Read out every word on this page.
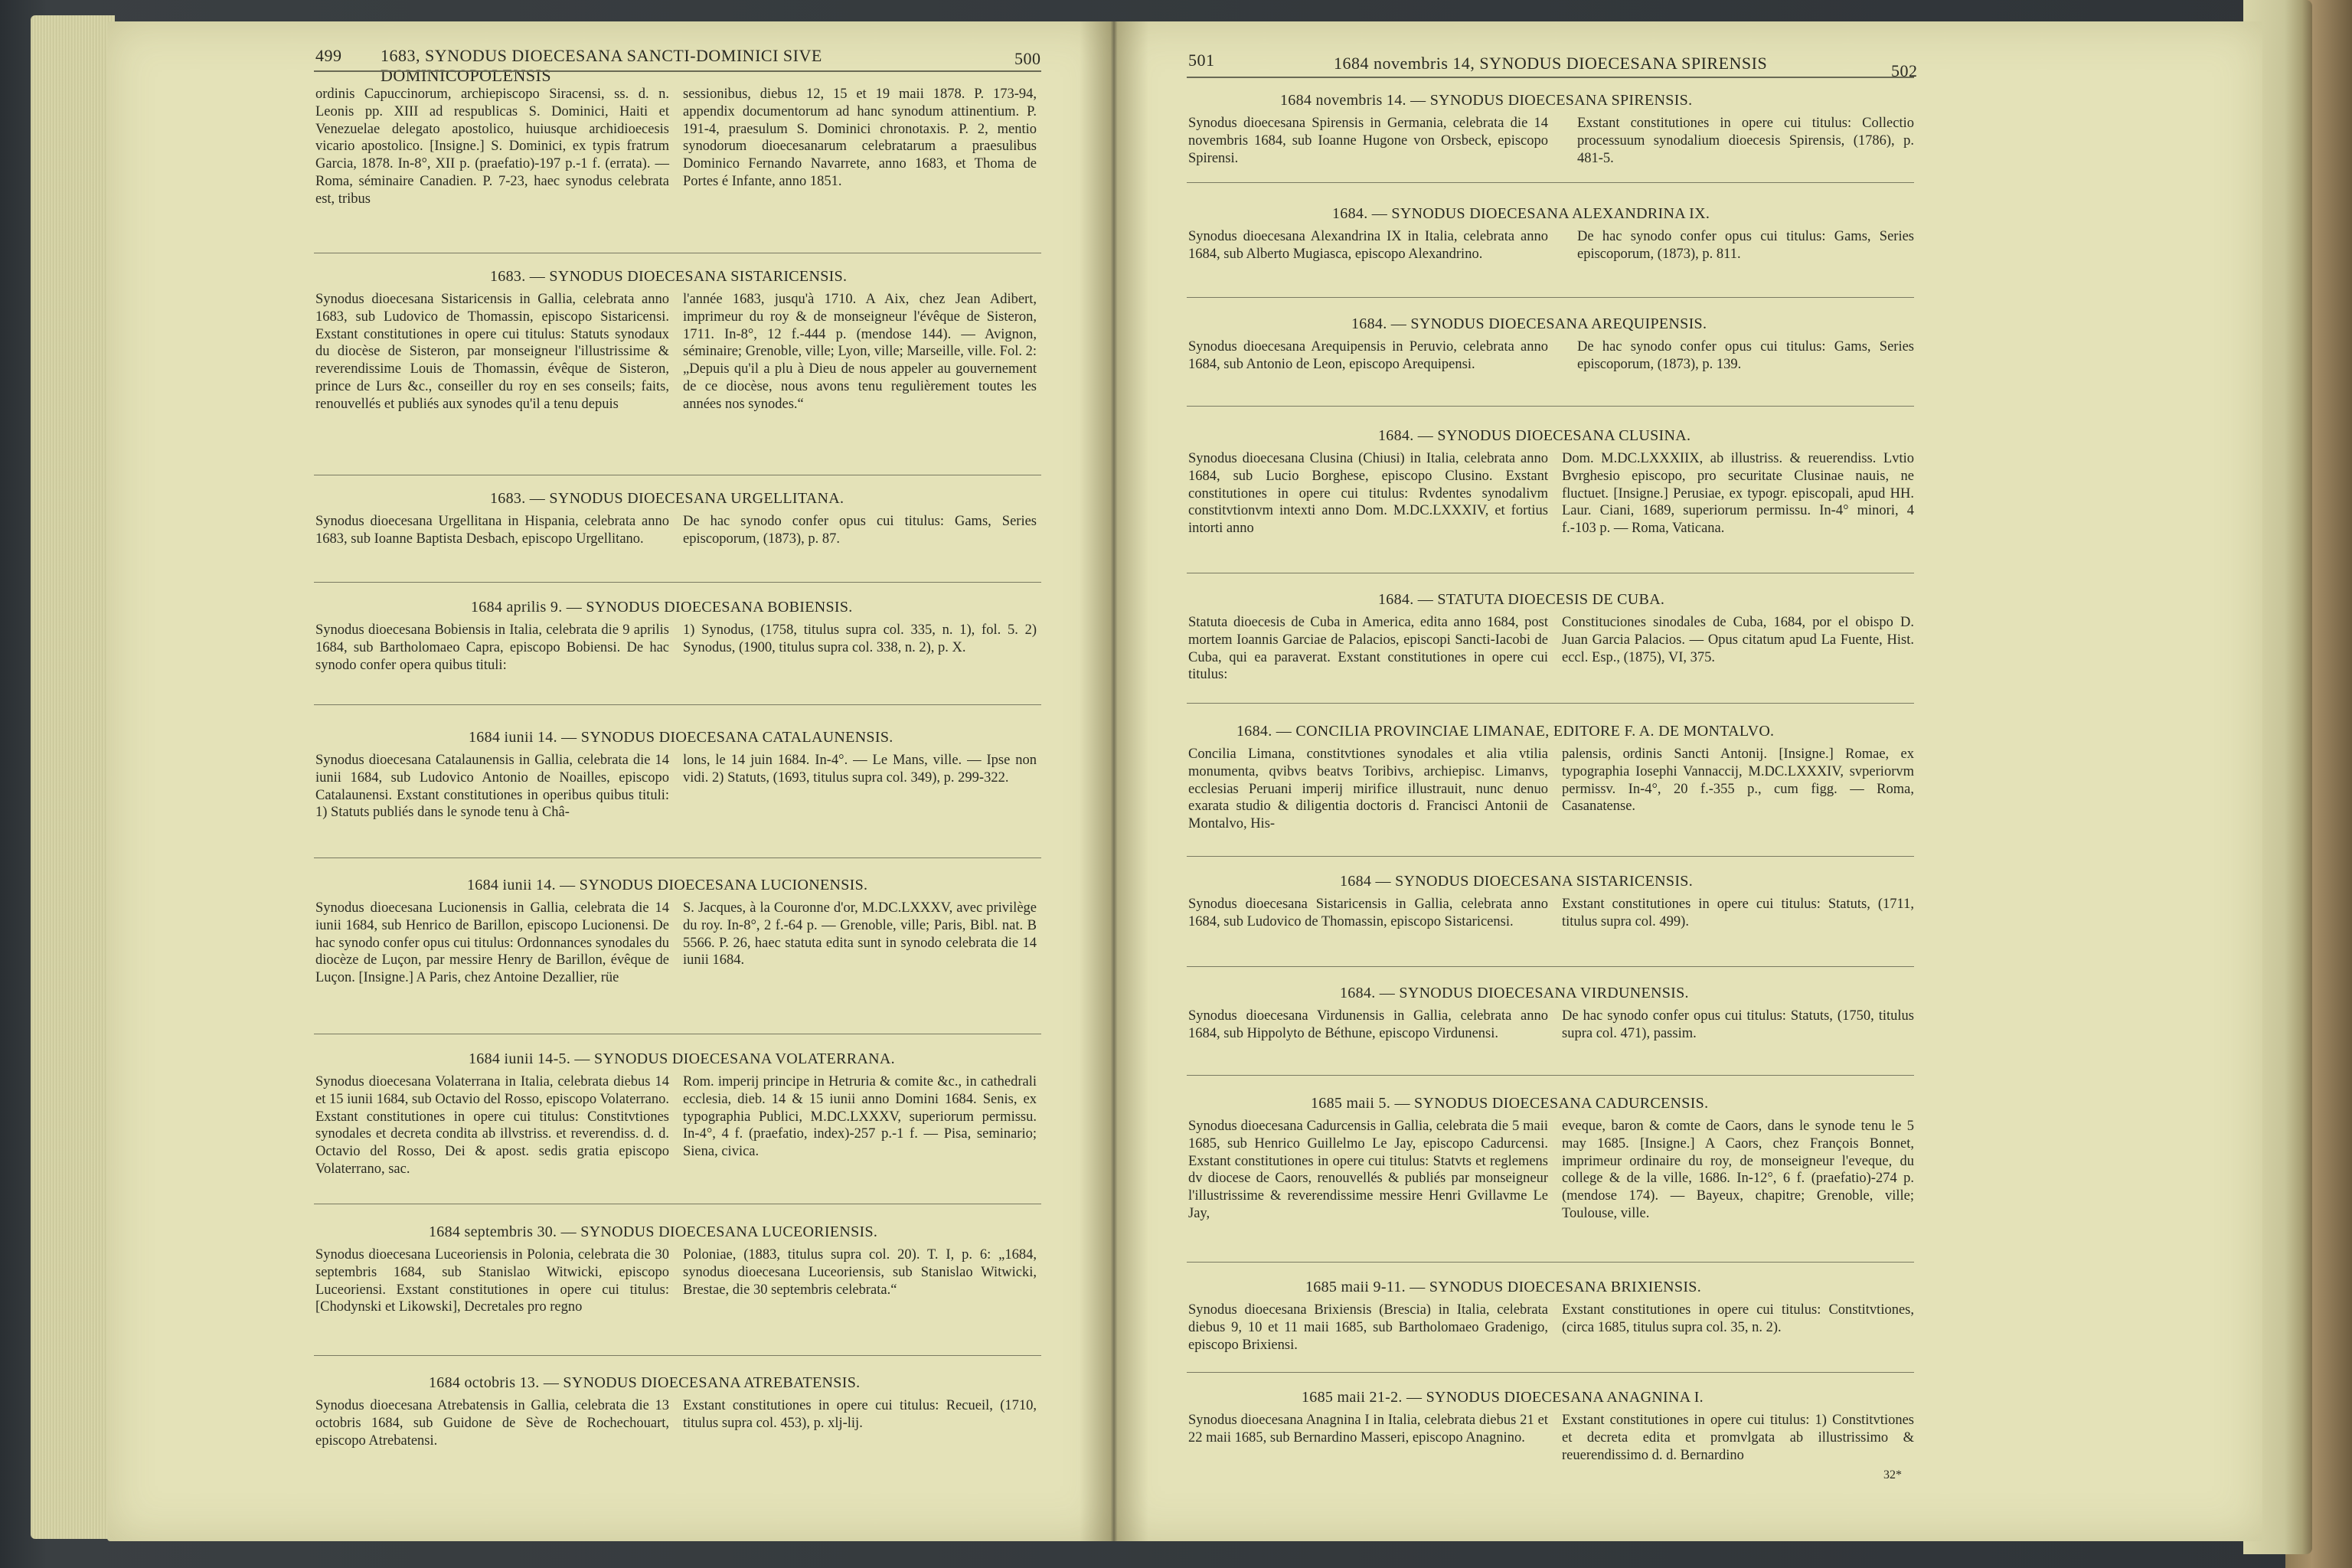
499 1683, SYNODUS DIOECESANA SANCTI-DOMINICI SIVE DOMINICOPOLENSIS
500
ordinis Capuccinorum, archiepiscopo Siracensi, ss. d. n. Leonis pp. XIII ad respublicas S. Dominici, Haiti et Venezuelae delegato apostolico, huiusque archidioecesis vicario apostolico. [Insigne.] S. Dominici, ex typis fratrum Garcia, 1878. In-8°, XII p. (praefatio)-197 p.-1 f. (errata). — Roma, séminaire Canadien. P. 7-23, haec synodus celebrata est, tribus
sessionibus, diebus 12, 15 et 19 maii 1878. P. 173-94, appendix documentorum ad hanc synodum attinentium. P. 191-4, praesulum S. Dominici chronotaxis. P. 2, mentio synodorum dioecesanarum celebratarum a praesulibus Dominico Fernando Navarrete, anno 1683, et Thoma de Portes é Infante, anno 1851.
1683. — SYNODUS DIOECESANA SISTARICENSIS.
Synodus dioecesana Sistaricensis in Gallia, celebrata anno 1683, sub Ludovico de Thomassin, episcopo Sistaricensi. Exstant constitutiones in opere cui titulus: Statuts synodaux du diocèse de Sisteron, par monseigneur l'illustrissime & reverendissime Louis de Thomassin, évêque de Sisteron, prince de Lurs &c., conseiller du roy en ses conseils; faits, renouvellés et publiés aux synodes qu'il a tenu depuis
l'année 1683, jusqu'à 1710. A Aix, chez Jean Adibert, imprimeur du roy & de monseigneur l'évêque de Sisteron, 1711. In-8°, 12 f.-444 p. (mendose 144). — Avignon, séminaire; Grenoble, ville; Lyon, ville; Marseille, ville. Fol. 2: „Depuis qu'il a plu à Dieu de nous appeler au gouvernement de ce diocèse, nous avons tenu regulièrement toutes les années nos synodes.“
1683. — SYNODUS DIOECESANA URGELLITANA.
Synodus dioecesana Urgellitana in Hispania, celebrata anno 1683, sub Ioanne Baptista Desbach, episcopo Urgellitano.
De hac synodo confer opus cui titulus: Gams, Series episcoporum, (1873), p. 87.
1684 aprilis 9. — SYNODUS DIOECESANA BOBIENSIS.
Synodus dioecesana Bobiensis in Italia, celebrata die 9 aprilis 1684, sub Bartholomaeo Capra, episcopo Bobiensi. De hac synodo confer opera quibus tituli:
1) Synodus, (1758, titulus supra col. 335, n. 1), fol. 5. 2) Synodus, (1900, titulus supra col. 338, n. 2), p. X.
1684 iunii 14. — SYNODUS DIOECESANA CATALAUNENSIS.
Synodus dioecesana Catalaunensis in Gallia, celebrata die 14 iunii 1684, sub Ludovico Antonio de Noailles, episcopo Catalaunensi. Exstant constitutiones in operibus quibus tituli: 1) Statuts publiés dans le synode tenu à Châ-
lons, le 14 juin 1684. In-4°. — Le Mans, ville. — Ipse non vidi. 2) Statuts, (1693, titulus supra col. 349), p. 299-322.
1684 iunii 14. — SYNODUS DIOECESANA LUCIONENSIS.
Synodus dioecesana Lucionensis in Gallia, celebrata die 14 iunii 1684, sub Henrico de Barillon, episcopo Lucionensi. De hac synodo confer opus cui titulus: Ordonnances synodales du diocèze de Luçon, par messire Henry de Barillon, évêque de Luçon. [Insigne.] A Paris, chez Antoine Dezallier, rüe
S. Jacques, à la Couronne d'or, M.DC.LXXXV, avec privilège du roy. In-8°, 2 f.-64 p. — Grenoble, ville; Paris, Bibl. nat. B 5566. P. 26, haec statuta edita sunt in synodo celebrata die 14 iunii 1684.
1684 iunii 14-5. — SYNODUS DIOECESANA VOLATERRANA.
Synodus dioecesana Volaterrana in Italia, celebrata diebus 14 et 15 iunii 1684, sub Octavio del Rosso, episcopo Volaterrano. Exstant constitutiones in opere cui titulus: Constitvtiones synodales et decreta condita ab illvstriss. et reverendiss. d. d. Octavio del Rosso, Dei & apost. sedis gratia episcopo Volaterrano, sac.
Rom. imperij principe in Hetruria & comite &c., in cathedrali ecclesia, dieb. 14 & 15 iunii anno Domini 1684. Senis, ex typographia Publici, M.DC.LXXXV, superiorum permissu. In-4°, 4 f. (praefatio, index)-257 p.-1 f. — Pisa, seminario; Siena, civica.
1684 septembris 30. — SYNODUS DIOECESANA LUCEORIENSIS.
Synodus dioecesana Luceoriensis in Polonia, celebrata die 30 septembris 1684, sub Stanislao Witwicki, episcopo Luceoriensi. Exstant constitutiones in opere cui titulus: [Chodynski et Likowski], Decretales pro regno
Poloniae, (1883, titulus supra col. 20). T. I, p. 6: „1684, synodus dioecesana Luceoriensis, sub Stanislao Witwicki, Brestae, die 30 septembris celebrata.“
1684 octobris 13. — SYNODUS DIOECESANA ATREBATENSIS.
Synodus dioecesana Atrebatensis in Gallia, celebrata die 13 octobris 1684, sub Guidone de Sève de Rochechouart, episcopo Atrebatensi.
Exstant constitutiones in opere cui titulus: Recueil, (1710, titulus supra col. 453), p. xlj-lij.
501	1684 novembris 14, SYNODUS DIOECESANA SPIRENSIS	502
1684 novembris 14. — SYNODUS DIOECESANA SPIRENSIS.
Synodus dioecesana Spirensis in Germania, celebrata die 14 novembris 1684, sub Ioanne Hugone von Orsbeck, episcopo Spirensi.
Exstant constitutiones in opere cui titulus: Collectio processuum synodalium dioecesis Spirensis, (1786), p. 481-5.
1684. — SYNODUS DIOECESANA ALEXANDRINA IX.
Synodus dioecesana Alexandrina IX in Italia, celebrata anno 1684, sub Alberto Mugiasca, episcopo Alexandrino.
De hac synodo confer opus cui titulus: Gams, Series episcoporum, (1873), p. 811.
1684. — SYNODUS DIOECESANA AREQUIPENSIS.
Synodus dioecesana Arequipensis in Peruvio, celebrata anno 1684, sub Antonio de Leon, episcopo Arequipensi.
De hac synodo confer opus cui titulus: Gams, Series episcoporum, (1873), p. 139.
1684. — SYNODUS DIOECESANA CLUSINA.
Synodus dioecesana Clusina (Chiusi) in Italia, celebrata anno 1684, sub Lucio Borghese, episcopo Clusino. Exstant constitutiones in opere cui titulus: Rvdentes synodalivm constitvtionvm intexti anno Dom. M.DC.LXXXIV, et fortius intorti anno
Dom. M.DC.LXXXIIX, ab illustriss. & reuerendiss. Lvtio Bvrghesio episcopo, pro securitate Clusinae nauis, ne fluctuet. [Insigne.] Perusiae, ex typogr. episcopali, apud HH. Laur. Ciani, 1689, superiorum permissu. In-4° minori, 4 f.-103 p. — Roma, Vaticana.
1684. — STATUTA DIOECESIS DE CUBA.
Statuta dioecesis de Cuba in America, edita anno 1684, post mortem Ioannis Garciae de Palacios, episcopi Sancti-Iacobi de Cuba, qui ea paraverat. Exstant constitutiones in opere cui titulus:
Constituciones sinodales de Cuba, 1684, por el obispo D. Juan Garcia Palacios. — Opus citatum apud La Fuente, Hist. eccl. Esp., (1875), VI, 375.
1684. — CONCILIA PROVINCIAE LIMANAE, EDITORE F. A. DE MONTALVO.
Concilia Limana, constitvtiones synodales et alia vtilia monumenta, qvibvs beatvs Toribivs, archiepisc. Limanvs, ecclesias Peruani imperij mirifice illustrauit, nunc denuo exarata studio & diligentia doctoris d. Francisci Antonii de Montalvo, His-
palensis, ordinis Sancti Antonij. [Insigne.] Romae, ex typographia Iosephi Vannaccij, M.DC.LXXXIV, svperiorvm permissv. In-4°, 20 f.-355 p., cum figg. — Roma, Casanatense.
1684 — SYNODUS DIOECESANA SISTARICENSIS.
Synodus dioecesana Sistaricensis in Gallia, celebrata anno 1684, sub Ludovico de Thomassin, episcopo Sistaricensi.
Exstant constitutiones in opere cui titulus: Statuts, (1711, titulus supra col. 499).
1684. — SYNODUS DIOECESANA VIRDUNENSIS.
Synodus dioecesana Virdunensis in Gallia, celebrata anno 1684, sub Hippolyto de Béthune, episcopo Virdunensi.
De hac synodo confer opus cui titulus: Statuts, (1750, titulus supra col. 471), passim.
1685 maii 5. — SYNODUS DIOECESANA CADURCENSIS.
Synodus dioecesana Cadurcensis in Gallia, celebrata die 5 maii 1685, sub Henrico Guillelmo Le Jay, episcopo Cadurcensi. Exstant constitutiones in opere cui titulus: Statvts et reglemens dv diocese de Caors, renouvellés & publiés par monseigneur l'illustrissime & reverendissime messire Henri Gvillavme Le Jay,
eveque, baron & comte de Caors, dans le synode tenu le 5 may 1685. [Insigne.] A Caors, chez François Bonnet, imprimeur ordinaire du roy, de monseigneur l'eveque, du college & de la ville, 1686. In-12°, 6 f. (praefatio)-274 p. (mendose 174). — Bayeux, chapitre; Grenoble, ville; Toulouse, ville.
1685 maii 9-11. — SYNODUS DIOECESANA BRIXIENSIS.
Synodus dioecesana Brixiensis (Brescia) in Italia, celebrata diebus 9, 10 et 11 maii 1685, sub Bartholomaeo Gradenigo, episcopo Brixiensi.
Exstant constitutiones in opere cui titulus: Constitvtiones, (circa 1685, titulus supra col. 35, n. 2).
1685 maii 21-2. — SYNODUS DIOECESANA ANAGNINA I.
Synodus dioecesana Anagnina I in Italia, celebrata diebus 21 et 22 maii 1685, sub Bernardino Masseri, episcopo Anagnino.
Exstant constitutiones in opere cui titulus: 1) Constitvtiones et decreta edita et promvlgata ab illustrissimo & reuerendissimo d. d. Bernardino
32*
